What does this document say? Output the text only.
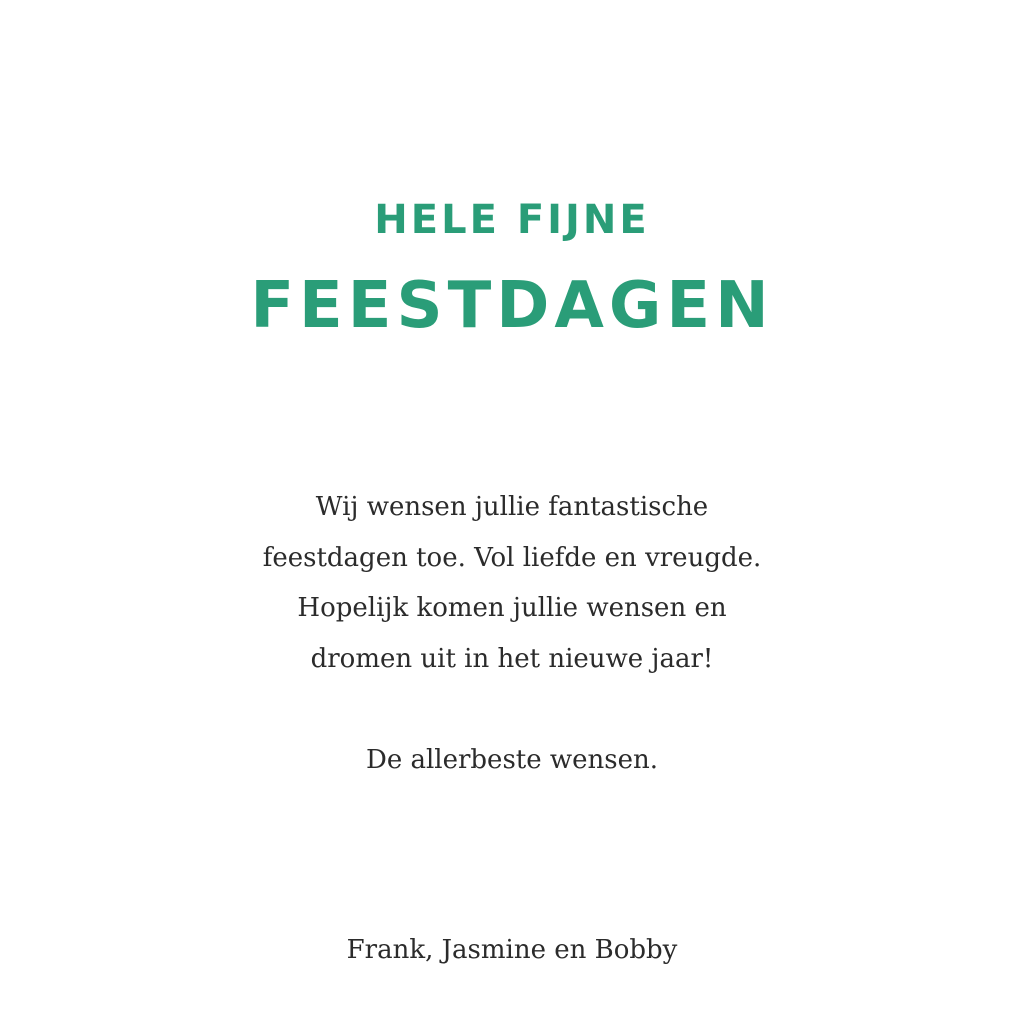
HELE FIJNE
FEESTDAGEN
Wij wensen jullie fantastische
feestdagen toe. Vol liefde en vreugde.
Hopelijk komen jullie wensen en
dromen uit in het nieuwe jaar!
De allerbeste wensen.
Frank, Jasmine en Bobby
